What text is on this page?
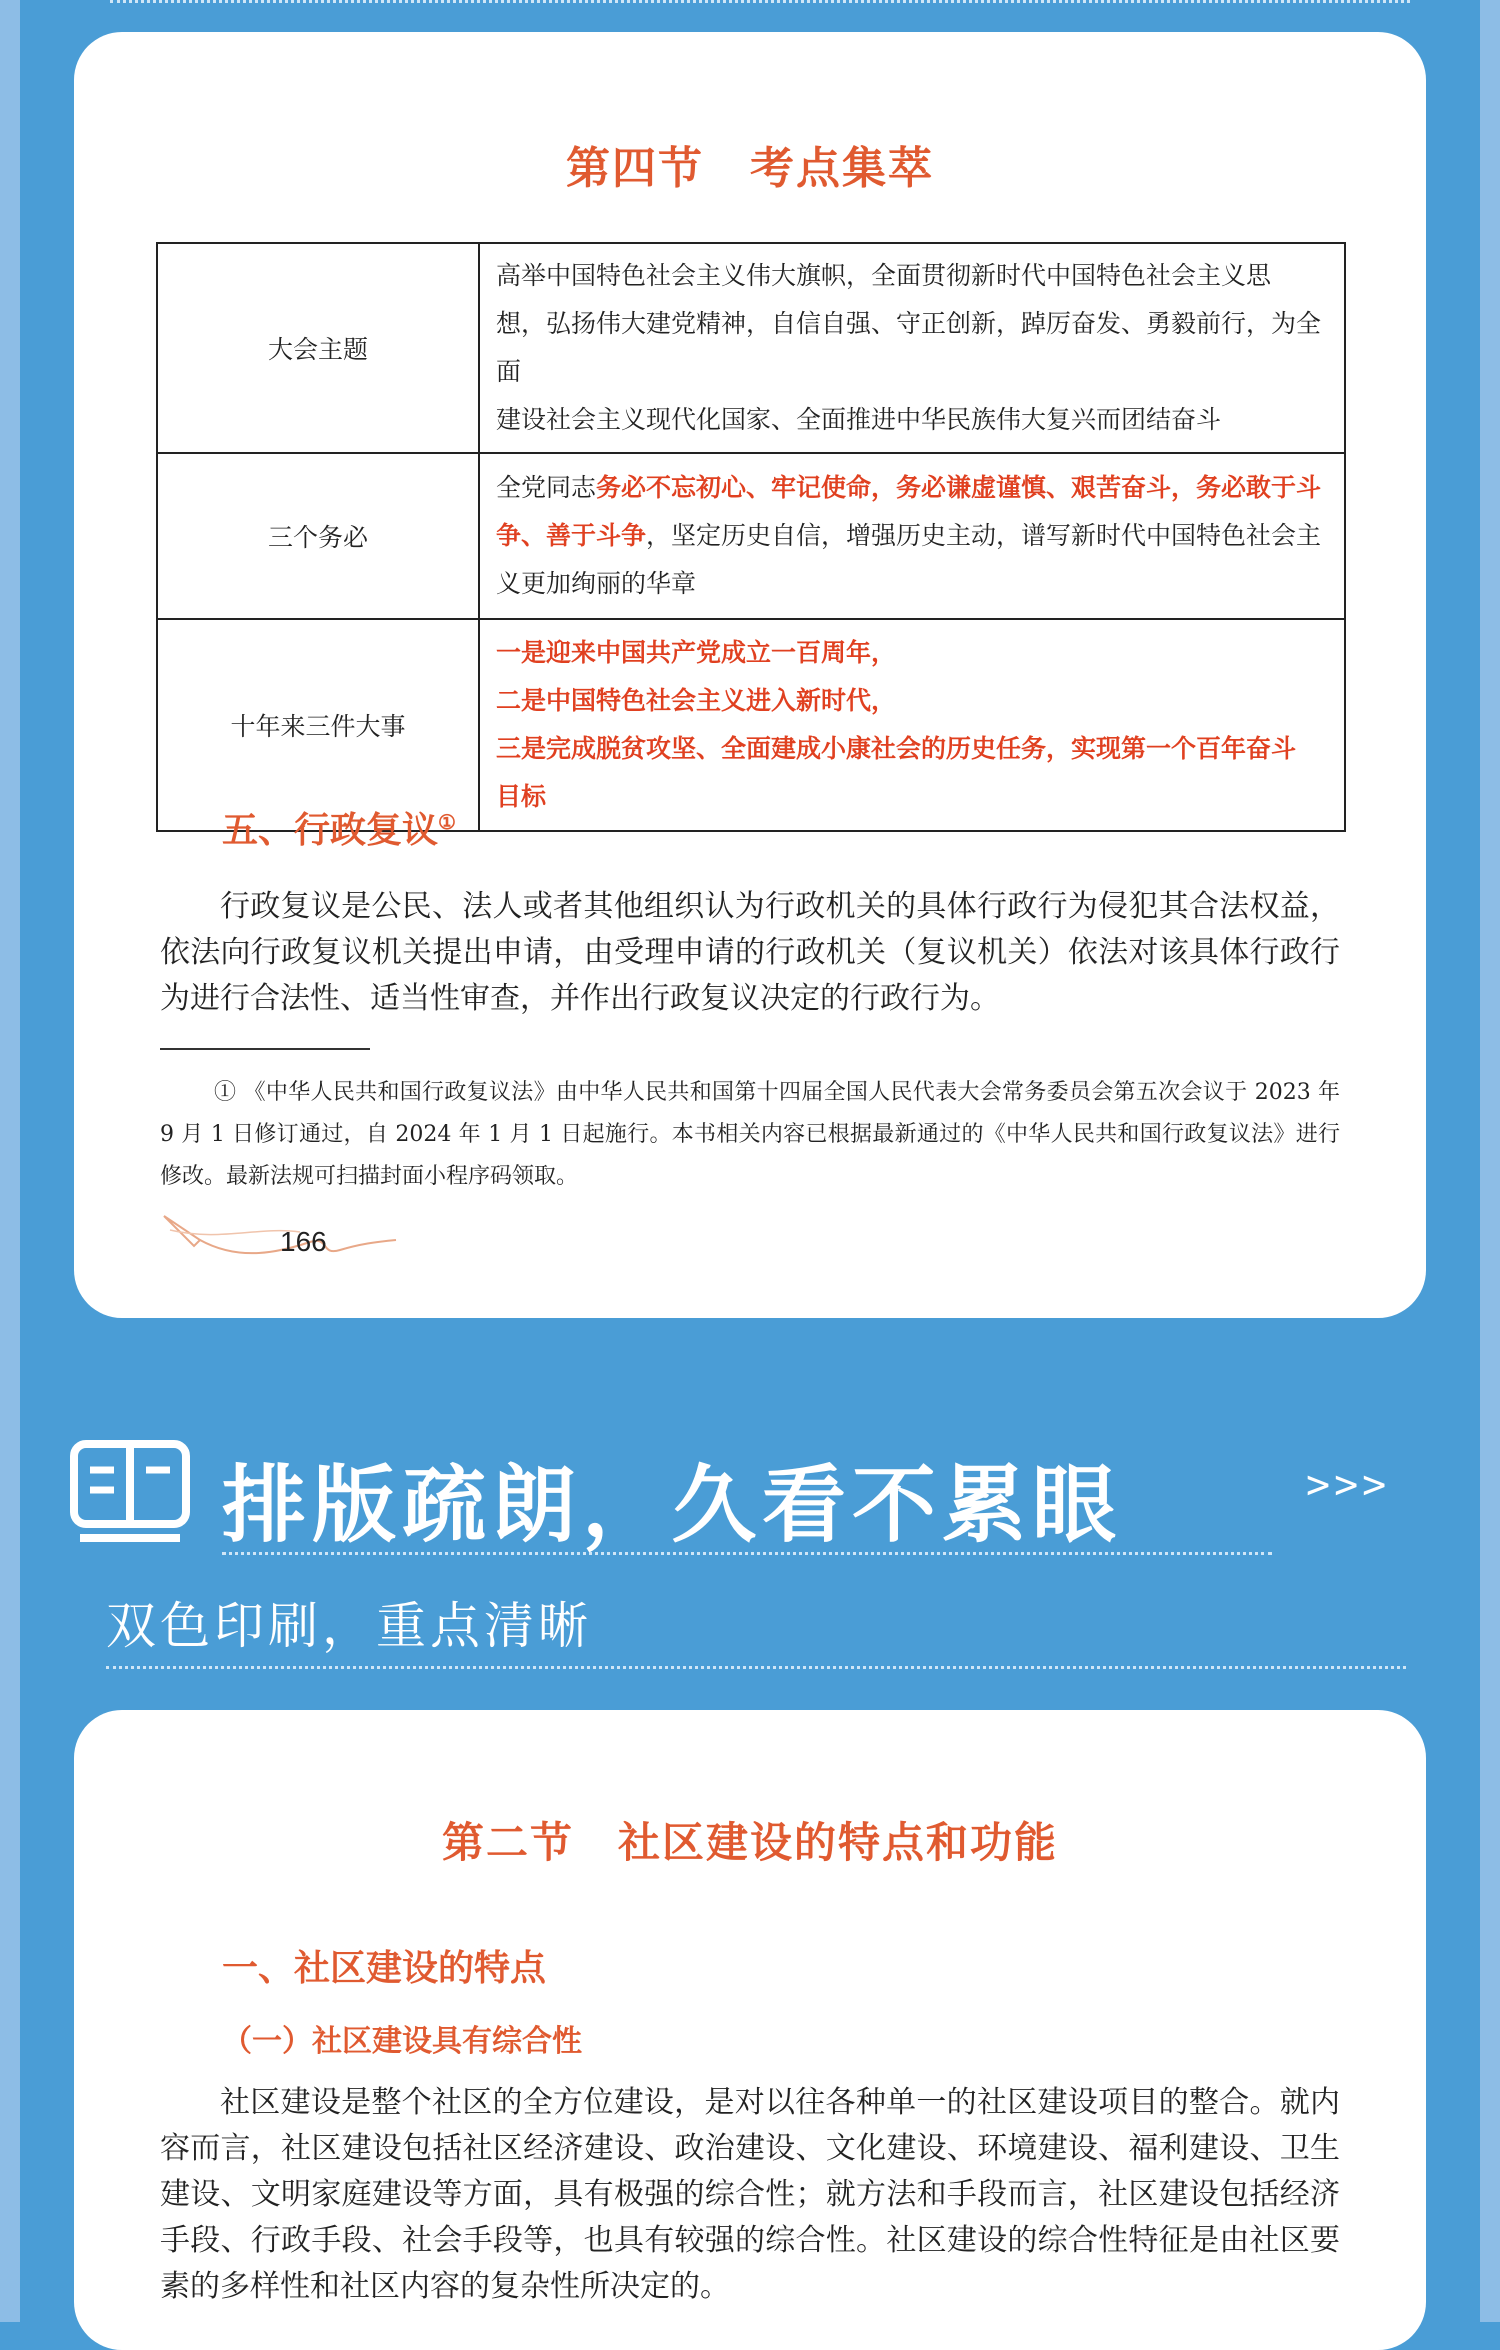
第四节　考点集萃
大会主题	高举中国特色社会主义伟大旗帜，全面贯彻新时代中国特色社会主义思
想，弘扬伟大建党精神，自信自强、守正创新，踔厉奋发、勇毅前行，为全面
建设社会主义现代化国家、全面推进中华民族伟大复兴而团结奋斗

三个务必	全党同志务必不忘初心、牢记使命，务必谦虚谨慎、艰苦奋斗，务必敢于斗
争、善于斗争，坚定历史自信，增强历史主动，谱写新时代中国特色社会主
义更加绚丽的华章

十年来三件大事	一是迎来中国共产党成立一百周年，
二是中国特色社会主义进入新时代，
三是完成脱贫攻坚、全面建成小康社会的历史任务，实现第一个百年奋斗
目标
五、行政复议①
行政复议是公民、法人或者其他组织认为行政机关的具体行政行为侵犯其合法权益，依法向行政复议机关提出申请，由受理申请的行政机关（复议机关）依法对该具体行政行为进行合法性、适当性审查，并作出行政复议决定的行政行为。
① 《中华人民共和国行政复议法》由中华人民共和国第十四届全国人民代表大会常务委员会第五次会议于 2023 年 9 月 1 日修订通过，自 2024 年 1 月 1 日起施行。本书相关内容已根据最新通过的《中华人民共和国行政复议法》进行修改。最新法规可扫描封面小程序码领取。
166
排版疏朗，久看不累眼	>>>
双色印刷，重点清晰
第二节　社区建设的特点和功能
一、社区建设的特点
（一）社区建设具有综合性
社区建设是整个社区的全方位建设，是对以往各种单一的社区建设项目的整合。就内容而言，社区建设包括社区经济建设、政治建设、文化建设、环境建设、福利建设、卫生建设、文明家庭建设等方面，具有极强的综合性；就方法和手段而言，社区建设包括经济手段、行政手段、社会手段等，也具有较强的综合性。社区建设的综合性特征是由社区要素的多样性和社区内容的复杂性所决定的。
